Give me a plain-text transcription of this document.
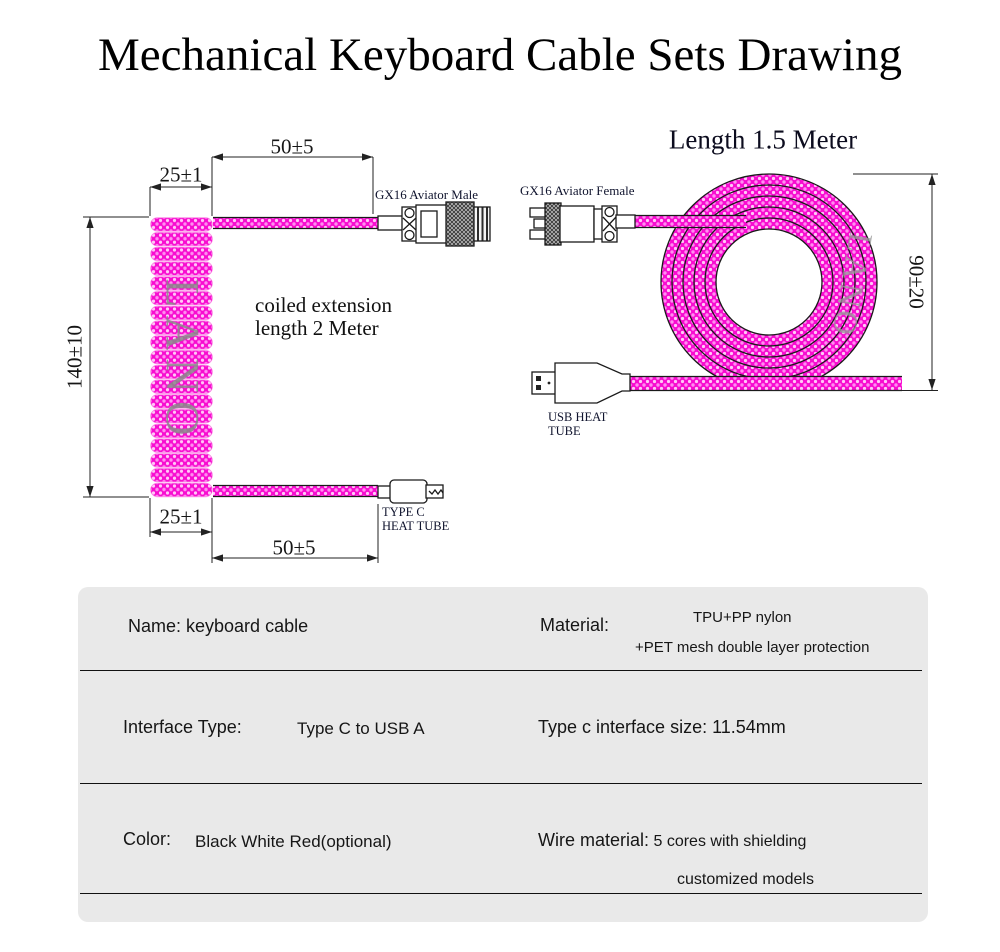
Mechanical Keyboard Cable Sets Drawing
50±5
25±1
140±10
25±1
50±5
GX16 Aviator Male
coiled extension
length 2 Meter
TYPE C
HEAT TUBE
LANO
Length 1.5 Meter
GX16 Aviator Female
90±20
USB HEAT
TUBE
LANO
Name: keyboard cable	Material:	TPU+PP nylon
+PET mesh double layer protection
Interface Type:	Type C to USB A	Type c interface size: 11.54mm
Color: Black White Red(optional)	Wire material: 5 cores with shielding
customized models
